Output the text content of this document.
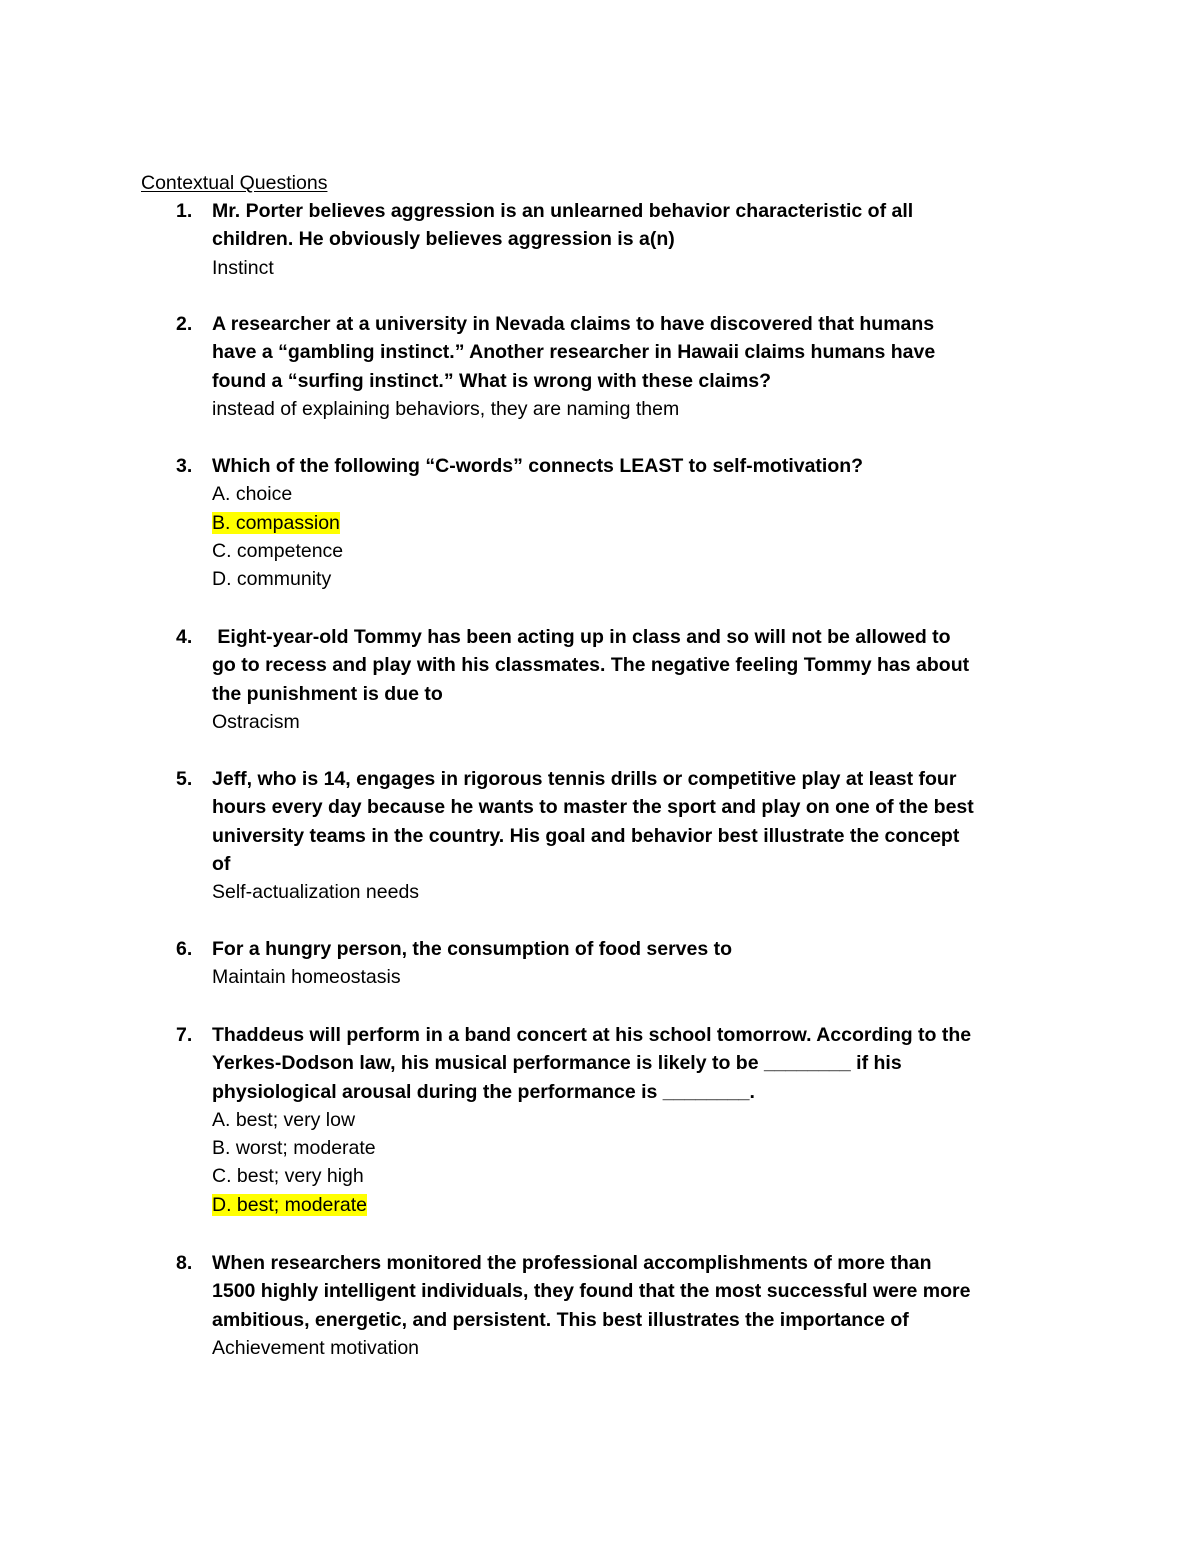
Contextual Questions
1. Mr. Porter believes aggression is an unlearned behavior characteristic of all
children. He obviously believes aggression is a(n)
Instinct
2. A researcher at a university in Nevada claims to have discovered that humans
have a “gambling instinct.” Another researcher in Hawaii claims humans have
found a “surfing instinct.” What is wrong with these claims?
instead of explaining behaviors, they are naming them
3. Which of the following “C-words” connects LEAST to self-motivation?
A. choice
B. compassion
C. competence
D. community
4. Eight-year-old Tommy has been acting up in class and so will not be allowed to
go to recess and play with his classmates. The negative feeling Tommy has about
the punishment is due to
Ostracism
5. Jeff, who is 14, engages in rigorous tennis drills or competitive play at least four
hours every day because he wants to master the sport and play on one of the best
university teams in the country. His goal and behavior best illustrate the concept
of
Self-actualization needs
6. For a hungry person, the consumption of food serves to
Maintain homeostasis
7. Thaddeus will perform in a band concert at his school tomorrow. According to the
Yerkes-Dodson law, his musical performance is likely to be ________ if his
physiological arousal during the performance is ________.
A. best; very low
B. worst; moderate
C. best; very high
D. best; moderate
8. When researchers monitored the professional accomplishments of more than
1500 highly intelligent individuals, they found that the most successful were more
ambitious, energetic, and persistent. This best illustrates the importance of
Achievement motivation
